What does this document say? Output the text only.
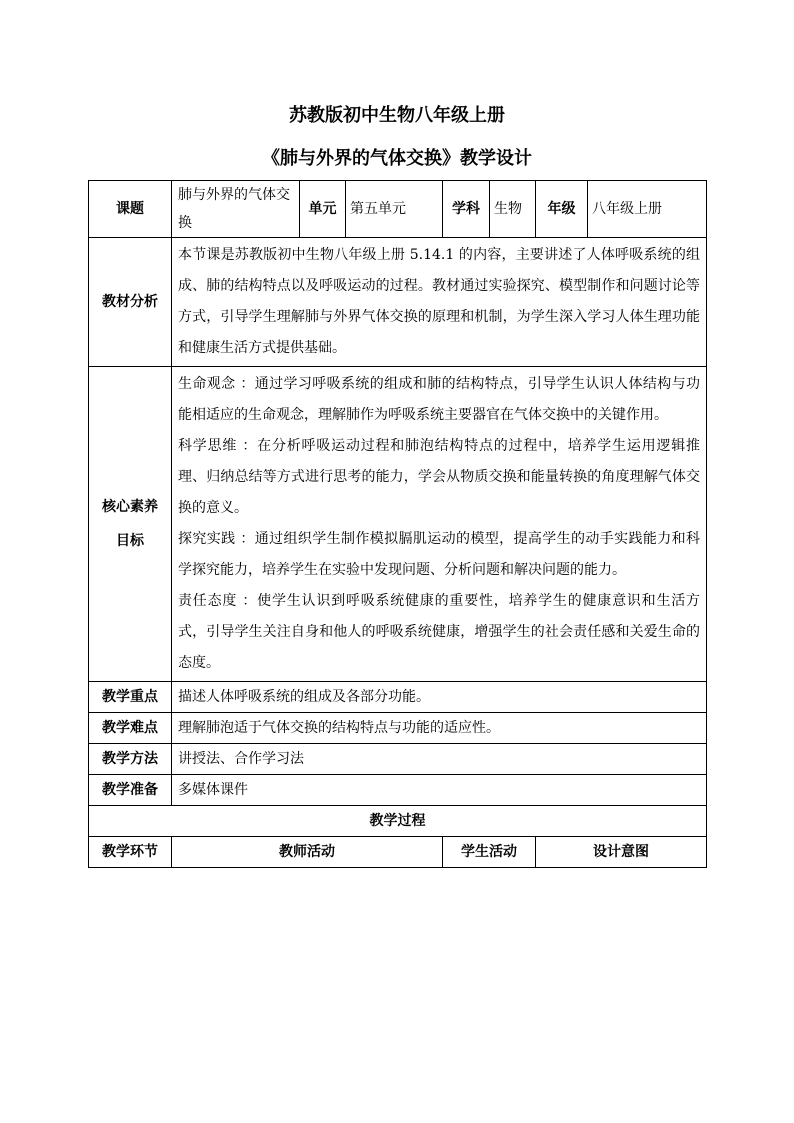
苏教版初中生物八年级上册
《肺与外界的气体交换》教学设计
课题	肺与外界的气体交换	单元	第五单元	学科	生物	年级	八年级上册
教材分析	本节课是苏教版初中生物八年级上册 5.14.1 的内容，主要讲述了人体呼吸系统的组成、肺的结构特点以及呼吸运动的过程。教材通过实验探究、模型制作和问题讨论等方式，引导学生理解肺与外界气体交换的原理和机制，为学生深入学习人体生理功能和健康生活方式提供基础。						

核心素养
目标	生命观念 ：通过学习呼吸系统的组成和肺的结构特点，引导学生认识人体结构与功能相适应的生命观念，理解肺作为呼吸系统主要器官在气体交换中的关键作用。
科学思维 ：在分析呼吸运动过程和肺泡结构特点的过程中，培养学生运用逻辑推理、归纳总结等方式进行思考的能力，学会从物质交换和能量转换的角度理解气体交换的意义。
探究实践 ：通过组织学生制作模拟膈肌运动的模型，提高学生的动手实践能力和科学探究能力，培养学生在实验中发现问题、分析问题和解决问题的能力。
责任态度 ：使学生认识到呼吸系统健康的重要性，培养学生的健康意识和生活方式，引导学生关注自身和他人的呼吸系统健康，增强学生的社会责任感和关爱生命的态度。						

教学重点	描述人体呼吸系统的组成及各部分功能。						
教学难点	理解肺泡适于气体交换的结构特点与功能的适应性。						
教学方法	讲授法、合作学习法						
教学准备	多媒体课件						
教学过程							
教学环节	教师活动			学生活动		设计意图	
